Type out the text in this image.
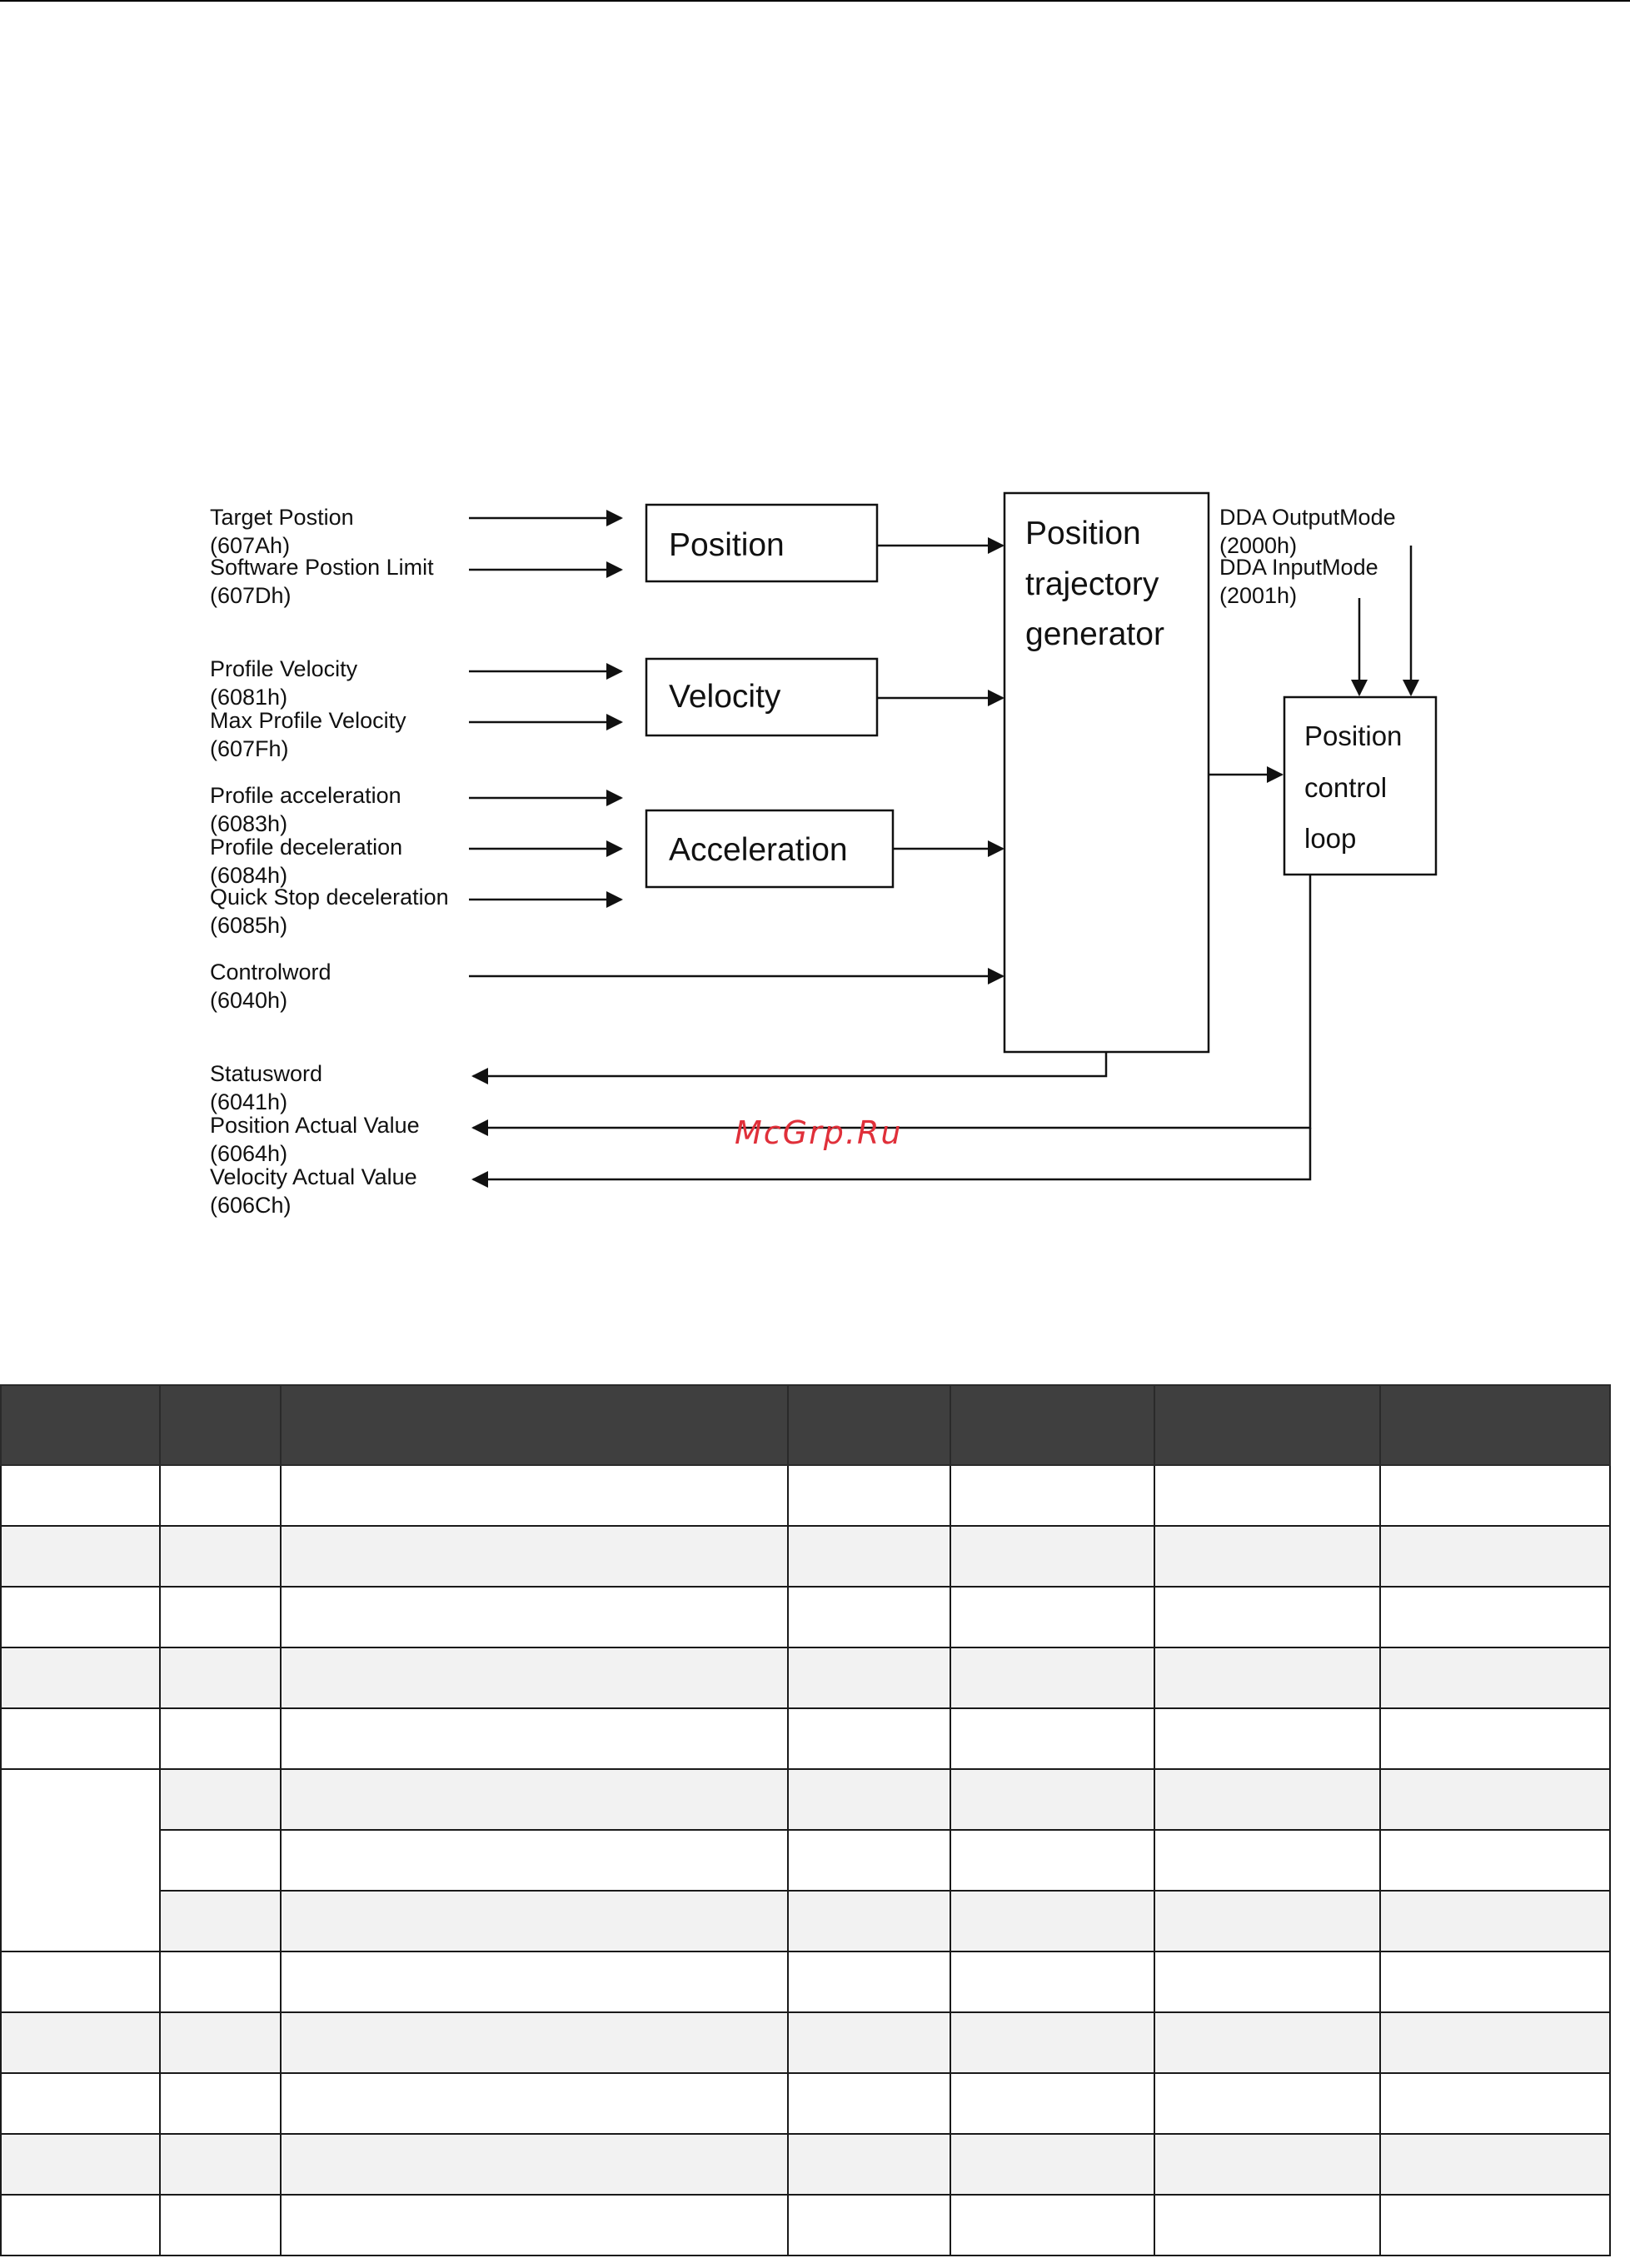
Target Postion
(607Ah)
Software Postion Limit
(607Dh)
Profile Velocity
(6081h)
Max Profile Velocity
(607Fh)
Profile acceleration
(6083h)
Profile deceleration
(6084h)
Quick Stop deceleration
(6085h)
Controlword
(6040h)
Statusword
(6041h)
Position Actual Value
(6064h)
Velocity Actual Value
(606Ch)
Position
Velocity
Acceleration
Position
trajectory
generator
DDA OutputMode
(2000h)
DDA InputMode
(2001h)
Position
control
loop
McGrp.Ru
